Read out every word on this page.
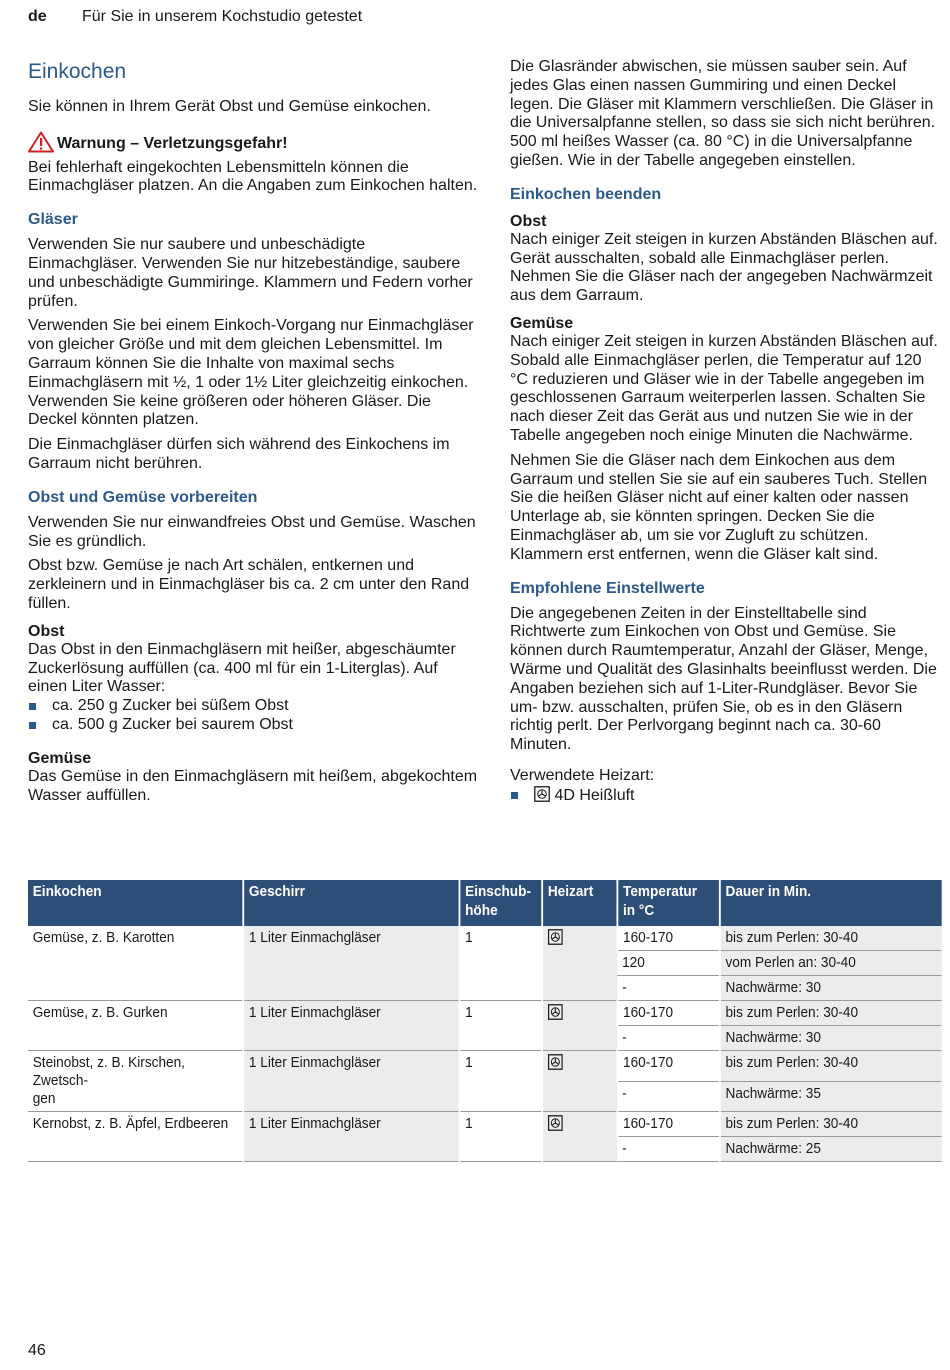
de Für Sie in unserem Kochstudio getestet
Einkochen

Sie können in Ihrem Gerät Obst und Gemüse einkochen.

Warnung – Verletzungsgefahr!

Bei fehlerhaft eingekochten Lebensmitteln können die Einmachgläser platzen. An die Angaben zum Einkochen halten.

Gläser

Verwenden Sie nur saubere und unbeschädigte Einmachgläser. Verwenden Sie nur hitzebeständige, saubere und unbeschädigte Gummiringe. Klammern und Federn vorher prüfen.

Verwenden Sie bei einem Einkoch-Vorgang nur Einmachgläser von gleicher Größe und mit dem gleichen Lebensmittel. Im Garraum können Sie die Inhalte von maximal sechs Einmachgläsern mit ½, 1 oder 1½ Liter gleichzeitig einkochen. Verwenden Sie keine größeren oder höheren Gläser. Die Deckel könnten platzen.

Die Einmachgläser dürfen sich während des Einkochens im Garraum nicht berühren.

Obst und Gemüse vorbereiten

Verwenden Sie nur einwandfreies Obst und Gemüse. Waschen Sie es gründlich.

Obst bzw. Gemüse je nach Art schälen, entkernen und zerkleinern und in Einmachgläser bis ca. 2 cm unter den Rand füllen.

Obst

Das Obst in den Einmachgläsern mit heißer, abgeschäumter Zuckerlösung auffüllen (ca. 400 ml für ein 1-Literglas). Auf einen Liter Wasser:

ca. 250 g Zucker bei süßem Obst
ca. 500 g Zucker bei saurem Obst
Gemüse

Das Gemüse in den Einmachgläsern mit heißem, abgekochtem Wasser auffüllen.

Die Glasränder abwischen, sie müssen sauber sein. Auf jedes Glas einen nassen Gummiring und einen Deckel legen. Die Gläser mit Klammern verschließen. Die Gläser in die Universalpfanne stellen, so dass sie sich nicht berühren. 500 ml heißes Wasser (ca. 80 °C) in die Universalpfanne gießen. Wie in der Tabelle angegeben einstellen.

Einkochen beenden
Obst

Nach einiger Zeit steigen in kurzen Abständen Bläschen auf. Gerät ausschalten, sobald alle Einmachgläser perlen. Nehmen Sie die Gläser nach der angegeben Nachwärmzeit aus dem Garraum.

Gemüse

Nach einiger Zeit steigen in kurzen Abständen Bläschen auf. Sobald alle Einmachgläser perlen, die Temperatur auf 120 °C reduzieren und Gläser wie in der Tabelle angegeben im geschlossenen Garraum weiterperlen lassen. Schalten Sie nach dieser Zeit das Gerät aus und nutzen Sie wie in der Tabelle angegeben noch einige Minuten die Nachwärme.

Nehmen Sie die Gläser nach dem Einkochen aus dem Garraum und stellen Sie sie auf ein sauberes Tuch. Stellen Sie die heißen Gläser nicht auf einer kalten oder nassen Unterlage ab, sie könnten springen. Decken Sie die Einmachgläser ab, um sie vor Zugluft zu schützen. Klammern erst entfernen, wenn die Gläser kalt sind.

Empfohlene Einstellwerte

Die angegebenen Zeiten in der Einstelltabelle sind Richtwerte zum Einkochen von Obst und Gemüse. Sie können durch Raumtemperatur, Anzahl der Gläser, Menge, Wärme und Qualität des Glasinhalts beeinflusst werden. Die Angaben beziehen sich auf 1-Liter-Rundgläser. Bevor Sie um- bzw. ausschalten, prüfen Sie, ob es in den Gläsern richtig perlt. Der Perlvorgang beginnt nach ca. 30-60 Minuten.

Verwendete Heizart:

4D Heißluft
Einkochen	Geschirr	Einschub-
höhe	Heizart	Temperatur
in °C	Dauer in Min.
Gemüse, z. B. Karotten	1 Liter Einmachgläser	1		160-170	bis zum Perlen: 30-40
				120	vom Perlen an: 30-40
				-	Nachwärme: 30
Gemüse, z. B. Gurken	1 Liter Einmachgläser	1		160-170	bis zum Perlen: 30-40
				-	Nachwärme: 30
Steinobst, z. B. Kirschen, Zwetsch-
gen	1 Liter Einmachgläser	1		160-170	bis zum Perlen: 30-40
				-	Nachwärme: 35
Kernobst, z. B. Äpfel, Erdbeeren	1 Liter Einmachgläser	1		160-170	bis zum Perlen: 30-40
				-	Nachwärme: 25
46
